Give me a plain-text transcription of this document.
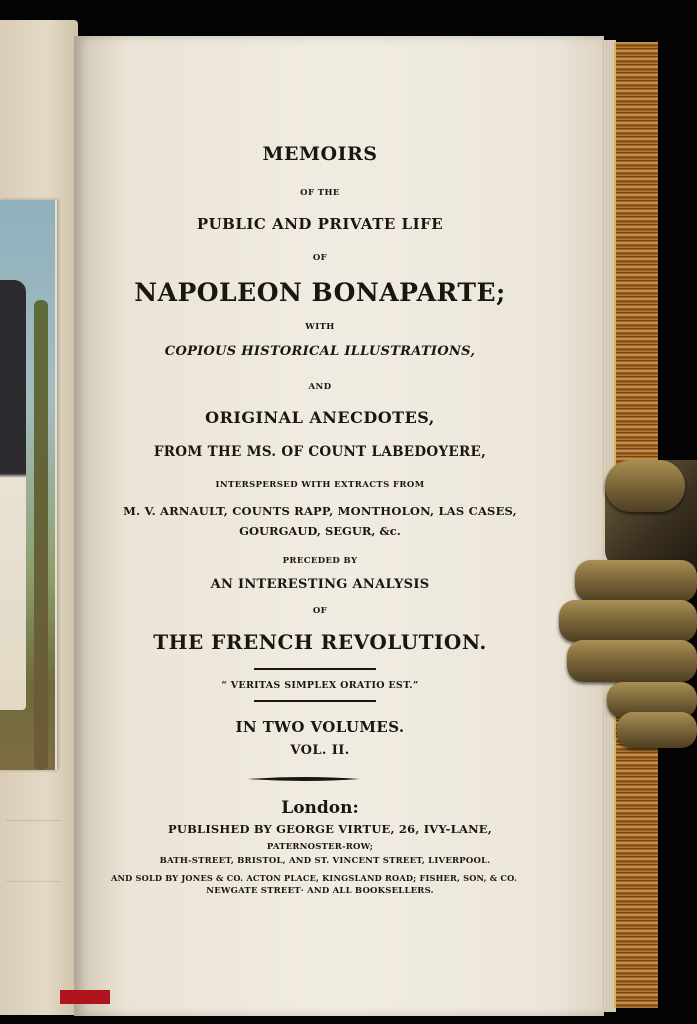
MEMOIRS
OF THE
PUBLIC AND PRIVATE LIFE
OF
NAPOLEON BONAPARTE;
WITH
COPIOUS HISTORICAL ILLUSTRATIONS,
AND
ORIGINAL ANECDOTES,
FROM THE MS. OF COUNT LABEDOYERE,
INTERSPERSED WITH EXTRACTS FROM
M. V. ARNAULT, COUNTS RAPP, MONTHOLON, LAS CASES,
GOURGAUD, SEGUR, &c.
PRECEDED BY
AN INTERESTING ANALYSIS
OF
THE FRENCH REVOLUTION.
“ VERITAS SIMPLEX ORATIO EST.”
IN TWO VOLUMES.
VOL. II.
London:
PUBLISHED BY GEORGE VIRTUE, 26, IVY-LANE,
PATERNOSTER-ROW;
BATH-STREET, BRISTOL, AND ST. VINCENT STREET, LIVERPOOL.
AND SOLD BY JONES & CO. ACTON PLACE, KINGSLAND ROAD; FISHER, SON, & CO.
NEWGATE STREET· AND ALL BOOKSELLERS.
